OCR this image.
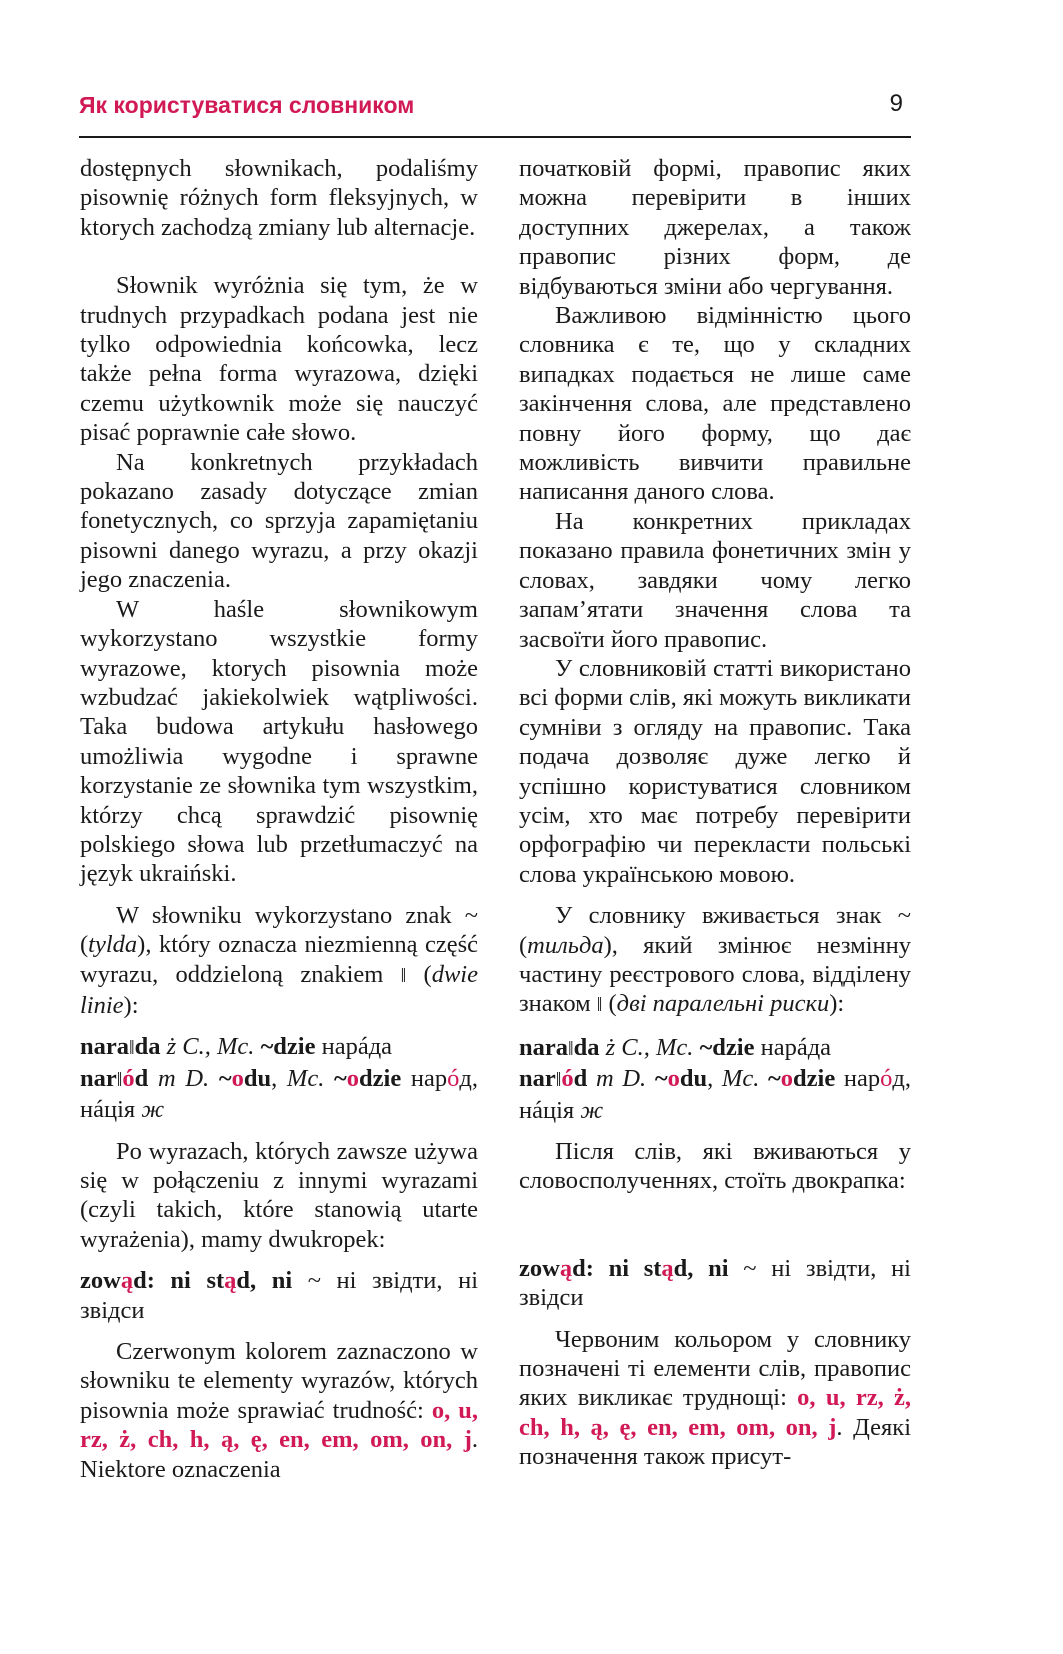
Як користуватися словником	9

dostępnych słownikach, podaliśmy pisownię różnych form fleksyjnych, w ktorych zachodzą zmiany lub alternacje.

Słownik wyróżnia się tym, że w trudnych przypadkach podana jest nie tylko odpowiednia końcowka, lecz także pełna forma wyrazowa, dzięki czemu użytkownik może się nauczyć pisać poprawnie całe słowo.

Na konkretnych przykładach pokazano zasady dotyczące zmian fonetycznych, co sprzyja zapamiętaniu pisowni danego wyrazu, a przy okazji jego znaczenia.

W haśle słownikowym wykorzystano wszystkie formy wyrazowe, ktorych pisownia może wzbudzać jakiekolwiek wątpliwości. Taka budowa artykułu hasłowego umożliwia wygodne i sprawne korzystanie ze słownika tym wszystkim, którzy chcą sprawdzić pisownię polskiego słowa lub przetłumaczyć na język ukraiński.

W słowniku wykorzystano znak ~ (tylda), który oznacza niezmienną część wyrazu, oddzieloną znakiem ‖ (dwie linie):

nara‖da ż C., Mc. ~dzie нарáда
nar‖ód m D. ~odu, Mc. ~odzie нарóд, нáція ж

Po wyrazach, których zawsze używa się w połączeniu z innymi wyrazami (czyli takich, które stanowią utarte wyrażenia), mamy dwukropek:

zowąd: ni stąd, ni ~ ні звідти, ні звідси

Czerwonym kolorem zaznaczono w słowniku te elementy wyrazów, których pisownia może sprawiać trudność: o, u, rz, ż, ch, h, ą, ę, en, em, om, on, j. Niektore oznaczenia

початковій формі, правопис яких можна перевірити в інших доступних джерелах, а також правопис різних форм, де відбуваються зміни або чергування.

Важливою відмінністю цього словника є те, що у складних випадках подається не лише саме закінчення слова, але представлено повну його форму, що дає можливість вивчити правильне написання даного слова.

На конкретних прикладах показано правила фонетичних змін у словах, завдяки чому легко запам’ятати значення слова та засвоїти його правопис.

У словниковій статті використано всі форми слів, які можуть викликати сумніви з огляду на правопис. Така подача дозволяє дуже легко й успішно користуватися словником усім, хто має потребу перевірити орфографію чи перекласти польські слова українською мовою.

У словнику вживається знак ~ (тильда), який змінює незмінну частину реєстрового слова, відділену знаком ‖ (дві паралельні риски):

nara‖da ż C., Mc. ~dzie нарáда
nar‖ód m D. ~odu, Mc. ~odzie нарóд, нáція ж

Після слів, які вживаються у словосполученнях, стоїть двокрапка:

zowąd: ni stąd, ni ~ ні звідти, ні звідси

Червоним кольором у словнику позначені ті елементи слів, правопис яких викликає труднощі: o, u, rz, ż, ch, h, ą, ę, en, em, om, on, j. Деякі позначення також присут-
